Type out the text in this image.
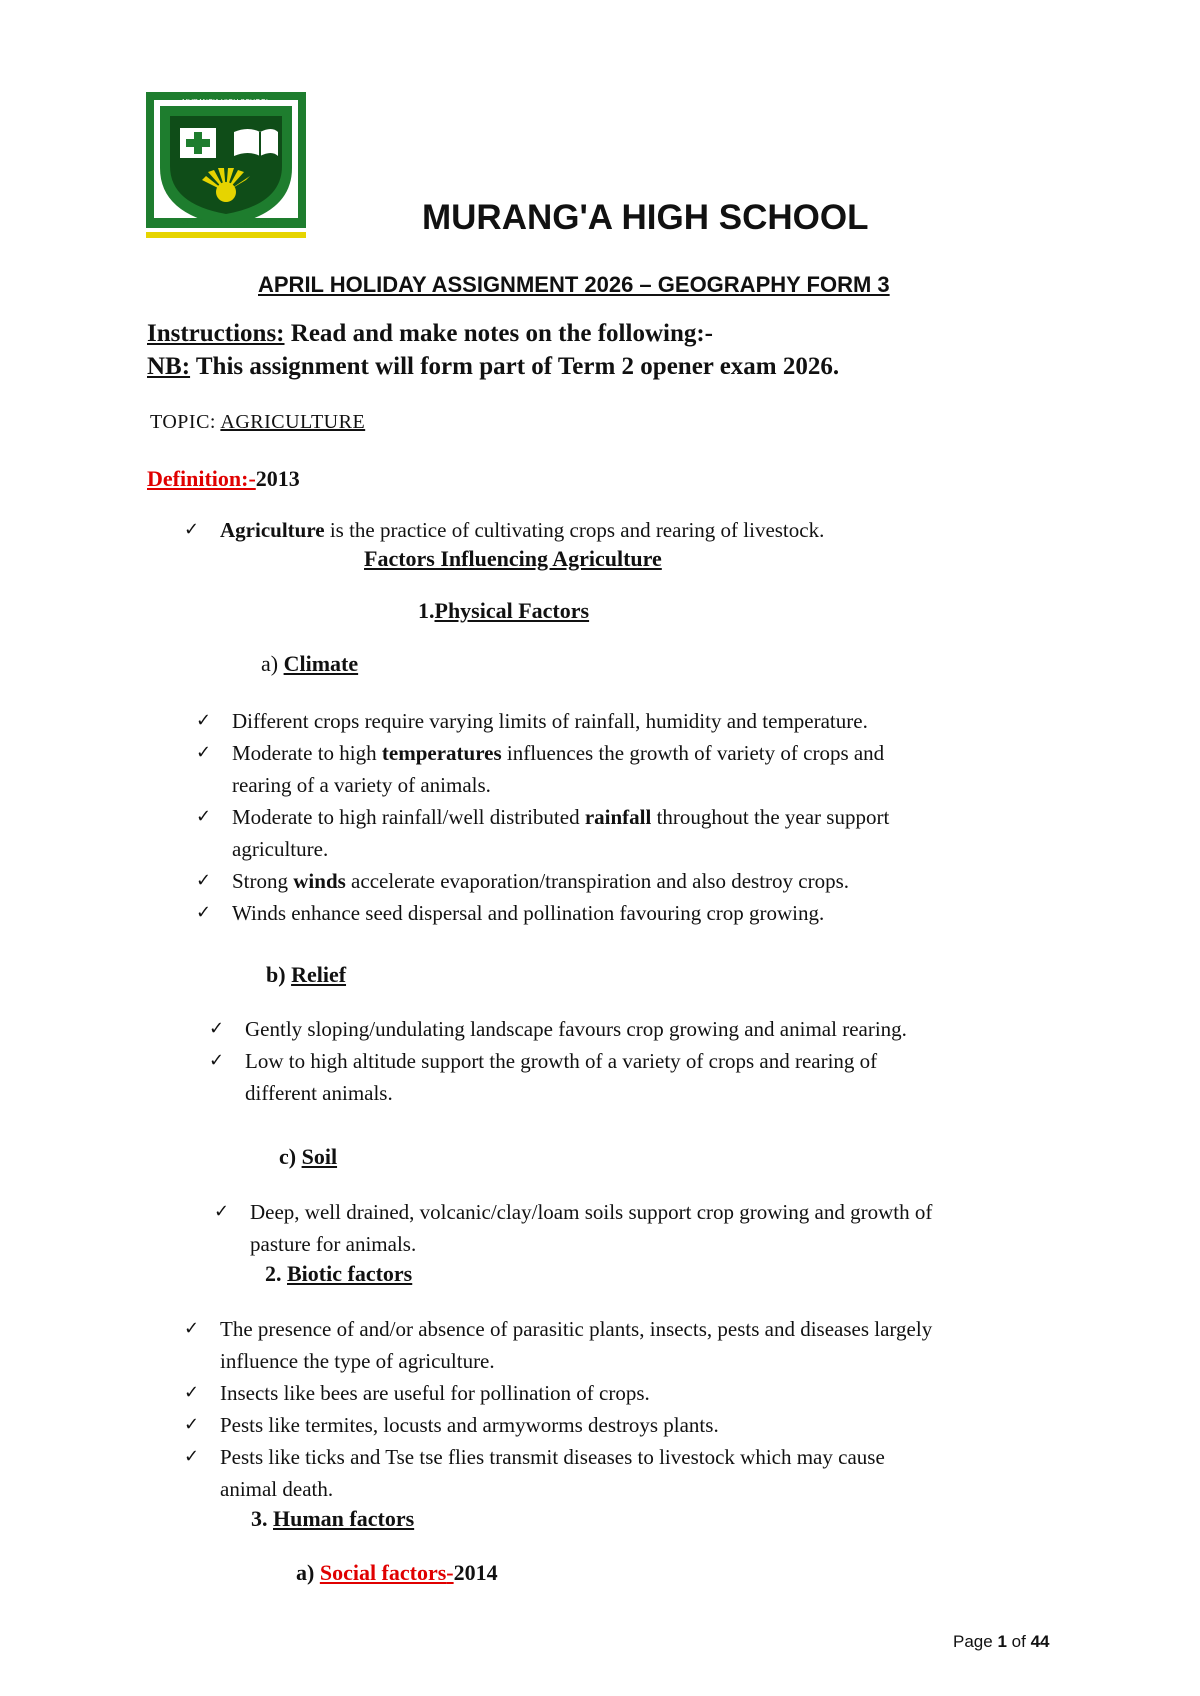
MURANG'A HIGH SCHOOL
DISCIPLINE · SUCCESS · DETERMINATION	MURANG'A HIGH SCHOOL
APRIL HOLIDAY ASSIGNMENT 2026 – GEOGRAPHY FORM 3
Instructions: Read and make notes on the following:-
NB: This assignment will form part of Term 2 opener exam 2026.
TOPIC: AGRICULTURE
Definition:-2013
✓ Agriculture is the practice of cultivating crops and rearing of livestock.
Factors Influencing Agriculture
1.Physical Factors
a) Climate
✓ Different crops require varying limits of rainfall, humidity and temperature.
✓ Moderate to high temperatures influences the growth of variety of crops and
rearing of a variety of animals.
✓ Moderate to high rainfall/well distributed rainfall throughout the year support
agriculture.
✓ Strong winds accelerate evaporation/transpiration and also destroy crops.
✓ Winds enhance seed dispersal and pollination favouring crop growing.
b) Relief
✓ Gently sloping/undulating landscape favours crop growing and animal rearing.
✓ Low to high altitude support the growth of a variety of crops and rearing of
different animals.
c) Soil
✓ Deep, well drained, volcanic/clay/loam soils support crop growing and growth of
pasture for animals.
2. Biotic factors
✓ The presence of and/or absence of parasitic plants, insects, pests and diseases largely
influence the type of agriculture.
✓ Insects like bees are useful for pollination of crops.
✓ Pests like termites, locusts and armyworms destroys plants.
✓ Pests like ticks and Tse tse flies transmit diseases to livestock which may cause
animal death.
3. Human factors
a) Social factors-2014
Page 1 of 44
